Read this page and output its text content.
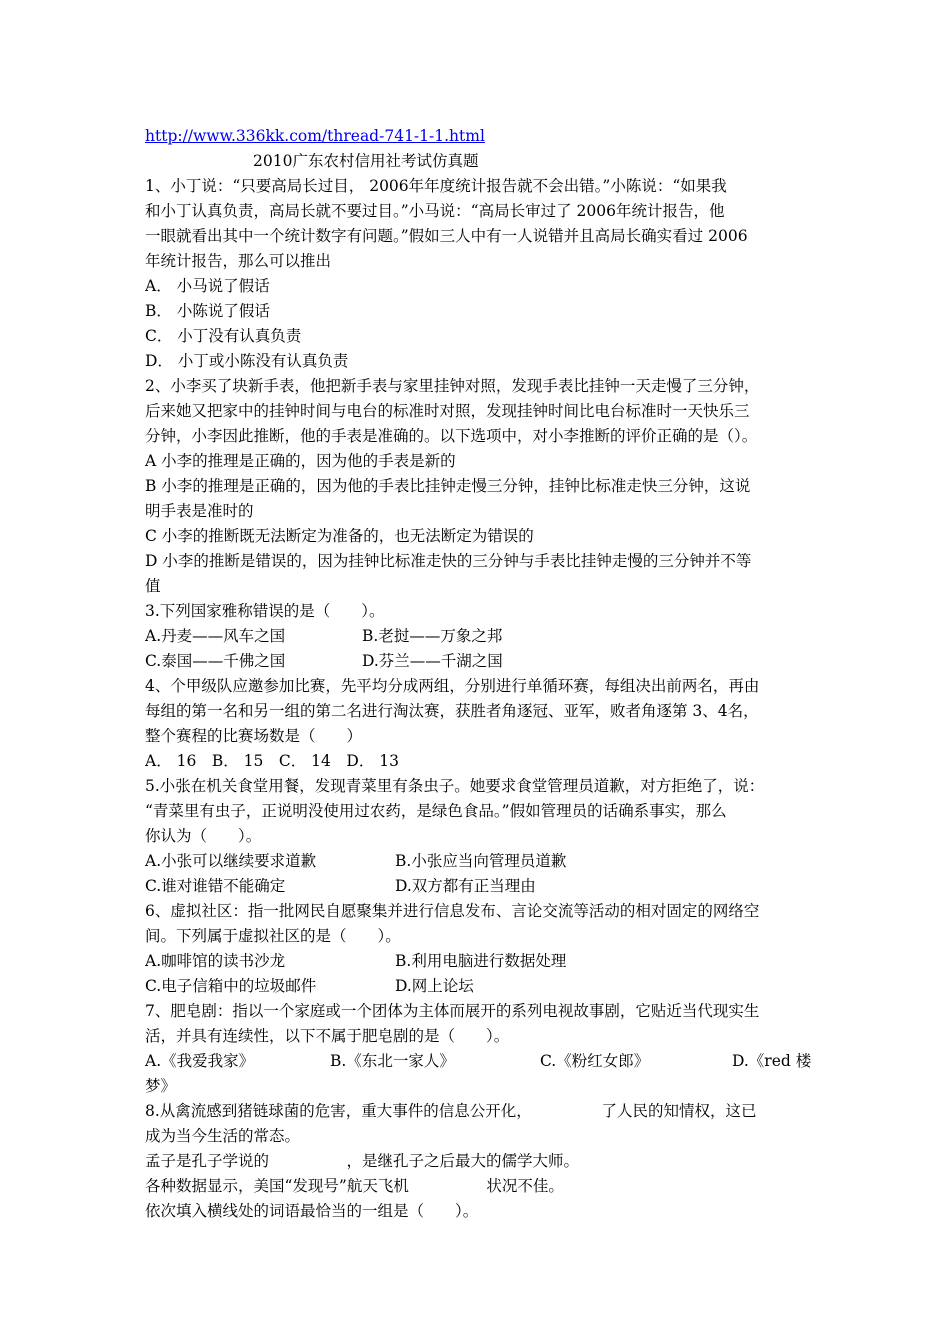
http://www.336kk.com/thread-741-1-1.html
2010广东农村信用社考试仿真题
1、小丁说：“只要高局长过目， 2006年年度统计报告就不会出错。”小陈说：“如果我
和小丁认真负责，高局长就不要过目。”小马说：“高局长审过了 2006年统计报告，他
一眼就看出其中一个统计数字有问题。”假如三人中有一人说错并且高局长确实看过 2006
年统计报告，那么可以推出
A． 小马说了假话
B． 小陈说了假话
C． 小丁没有认真负责
D． 小丁或小陈没有认真负责
2、小李买了块新手表，他把新手表与家里挂钟对照，发现手表比挂钟一天走慢了三分钟，
后来她又把家中的挂钟时间与电台的标准时对照，发现挂钟时间比电台标准时一天快乐三
分钟，小李因此推断，他的手表是准确的。以下选项中，对小李推断的评价正确的是（）。
A 小李的推理是正确的，因为他的手表是新的
B 小李的推理是正确的，因为他的手表比挂钟走慢三分钟，挂钟比标准走快三分钟，这说
明手表是准时的
C 小李的推断既无法断定为准备的，也无法断定为错误的
D 小李的推断是错误的，因为挂钟比标准走快的三分钟与手表比挂钟走慢的三分钟并不等
值
3.下列国家雅称错误的是（　　）。
A.丹麦——风车之国	B.老挝——万象之邦
C.泰国——千佛之国	D.芬兰——千湖之国
4、个甲级队应邀参加比赛，先平均分成两组，分别进行单循环赛，每组决出前两名，再由
每组的第一名和另一组的第二名进行淘汰赛，获胜者角逐冠、亚军，败者角逐第 3、4名，
整个赛程的比赛场数是（　　）
A． 16　B． 15　C． 14　D． 13
5.小张在机关食堂用餐，发现青菜里有条虫子。她要求食堂管理员道歉，对方拒绝了，说：
“青菜里有虫子，正说明没使用过农药，是绿色食品。”假如管理员的话确系事实，那么
你认为（　　）。
A.小张可以继续要求道歉	B.小张应当向管理员道歉
C.谁对谁错不能确定	D.双方都有正当理由
6、虚拟社区：指一批网民自愿聚集并进行信息发布、言论交流等活动的相对固定的网络空
间。下列属于虚拟社区的是（　　）。
A.咖啡馆的读书沙龙	B.利用电脑进行数据处理
C.电子信箱中的垃圾邮件	D.网上论坛
7、肥皂剧：指以一个家庭或一个团体为主体而展开的系列电视故事剧，它贴近当代现实生
活，并具有连续性，以下不属于肥皂剧的是（　　）。
A.《我爱我家》	B.《东北一家人》	C.《粉红女郎》	D.《red 楼
梦》
8.从禽流感到猪链球菌的危害，重大事件的信息公开化，　　　　　了人民的知情权，这已
成为当今生活的常态。
孟子是孔子学说的　　　　　，是继孔子之后最大的儒学大师。
各种数据显示，美国“发现号”航天飞机　　　　　状况不佳。
依次填入横线处的词语最恰当的一组是（　　）。
